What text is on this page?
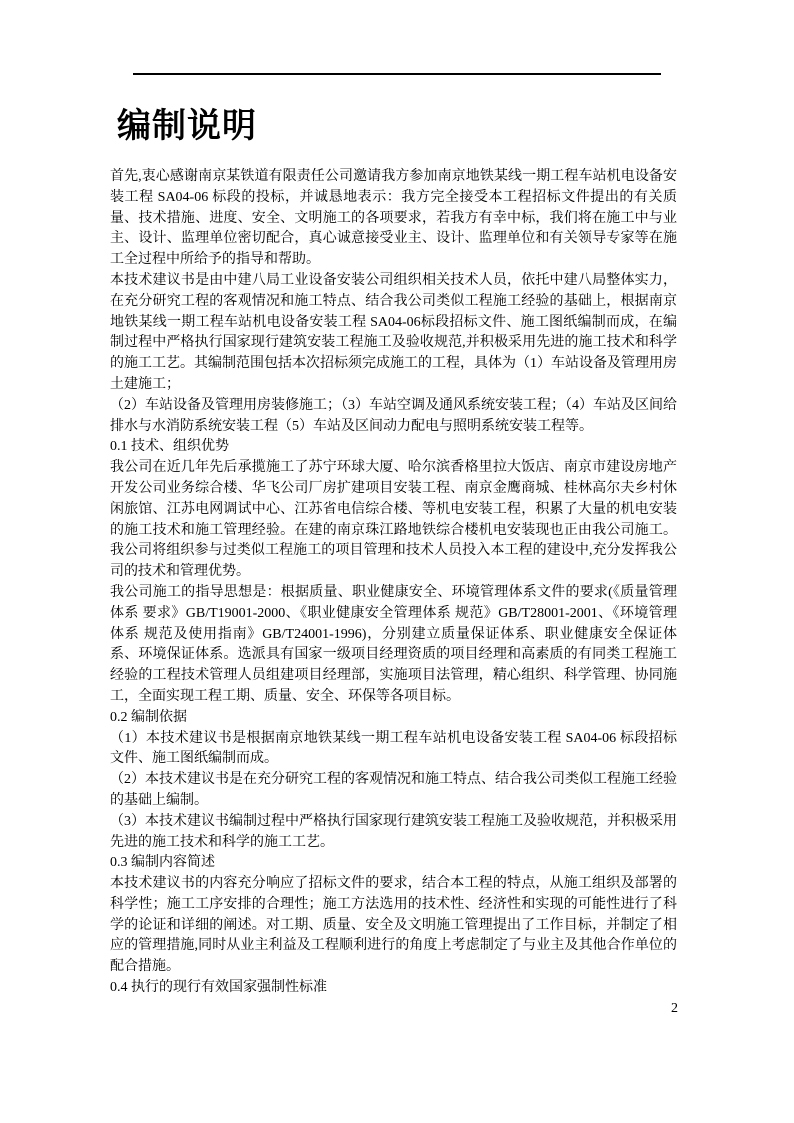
编制说明
首先,衷心感谢南京某铁道有限责任公司邀请我方参加南京地铁某线一期工程车站机电设备安装工程 SA04-06 标段的投标，并诚恳地表示：我方完全接受本工程招标文件提出的有关质量、技术措施、进度、安全、文明施工的各项要求，若我方有幸中标，我们将在施工中与业主、设计、监理单位密切配合，真心诚意接受业主、设计、监理单位和有关领导专家等在施工全过程中所给予的指导和帮助。
本技术建议书是由中建八局工业设备安装公司组织相关技术人员，依托中建八局整体实力，在充分研究工程的客观情况和施工特点、结合我公司类似工程施工经验的基础上，根据南京地铁某线一期工程车站机电设备安装工程 SA04-06标段招标文件、施工图纸编制而成，在编制过程中严格执行国家现行建筑安装工程施工及验收规范,并积极采用先进的施工技术和科学的施工工艺。其编制范围包括本次招标须完成施工的工程，具体为（1）车站设备及管理用房土建施工；
（2）车站设备及管理用房装修施工；（3）车站空调及通风系统安装工程；（4）车站及区间给排水与水消防系统安装工程（5）车站及区间动力配电与照明系统安装工程等。
0.1 技术、组织优势
我公司在近几年先后承揽施工了苏宁环球大厦、哈尔滨香格里拉大饭店、南京市建设房地产开发公司业务综合楼、华飞公司厂房扩建项目安装工程、南京金鹰商城、桂林高尔夫乡村休闲旅馆、江苏电网调试中心、江苏省电信综合楼、等机电安装工程，积累了大量的机电安装的施工技术和施工管理经验。在建的南京珠江路地铁综合楼机电安装现也正由我公司施工。我公司将组织参与过类似工程施工的项目管理和技术人员投入本工程的建设中,充分发挥我公司的技术和管理优势。
我公司施工的指导思想是：根据质量、职业健康安全、环境管理体系文件的要求(《质量管理体系 要求》GB/T19001-2000、《职业健康安全管理体系 规范》GB/T28001-2001、《环境管理体系 规范及使用指南》GB/T24001-1996)，分别建立质量保证体系、职业健康安全保证体系、环境保证体系。选派具有国家一级项目经理资质的项目经理和高素质的有同类工程施工经验的工程技术管理人员组建项目经理部，实施项目法管理，精心组织、科学管理、协同施工，全面实现工程工期、质量、安全、环保等各项目标。
0.2 编制依据
（1）本技术建议书是根据南京地铁某线一期工程车站机电设备安装工程 SA04-06 标段招标文件、施工图纸编制而成。
（2）本技术建议书是在充分研究工程的客观情况和施工特点、结合我公司类似工程施工经验的基础上编制。
（3）本技术建议书编制过程中严格执行国家现行建筑安装工程施工及验收规范，并积极采用先进的施工技术和科学的施工工艺。
0.3 编制内容简述
本技术建议书的内容充分响应了招标文件的要求，结合本工程的特点，从施工组织及部署的科学性；施工工序安排的合理性；施工方法选用的技术性、经济性和实现的可能性进行了科学的论证和详细的阐述。对工期、质量、安全及文明施工管理提出了工作目标，并制定了相应的管理措施,同时从业主利益及工程顺利进行的角度上考虑制定了与业主及其他合作单位的配合措施。
0.4 执行的现行有效国家强制性标准
2
